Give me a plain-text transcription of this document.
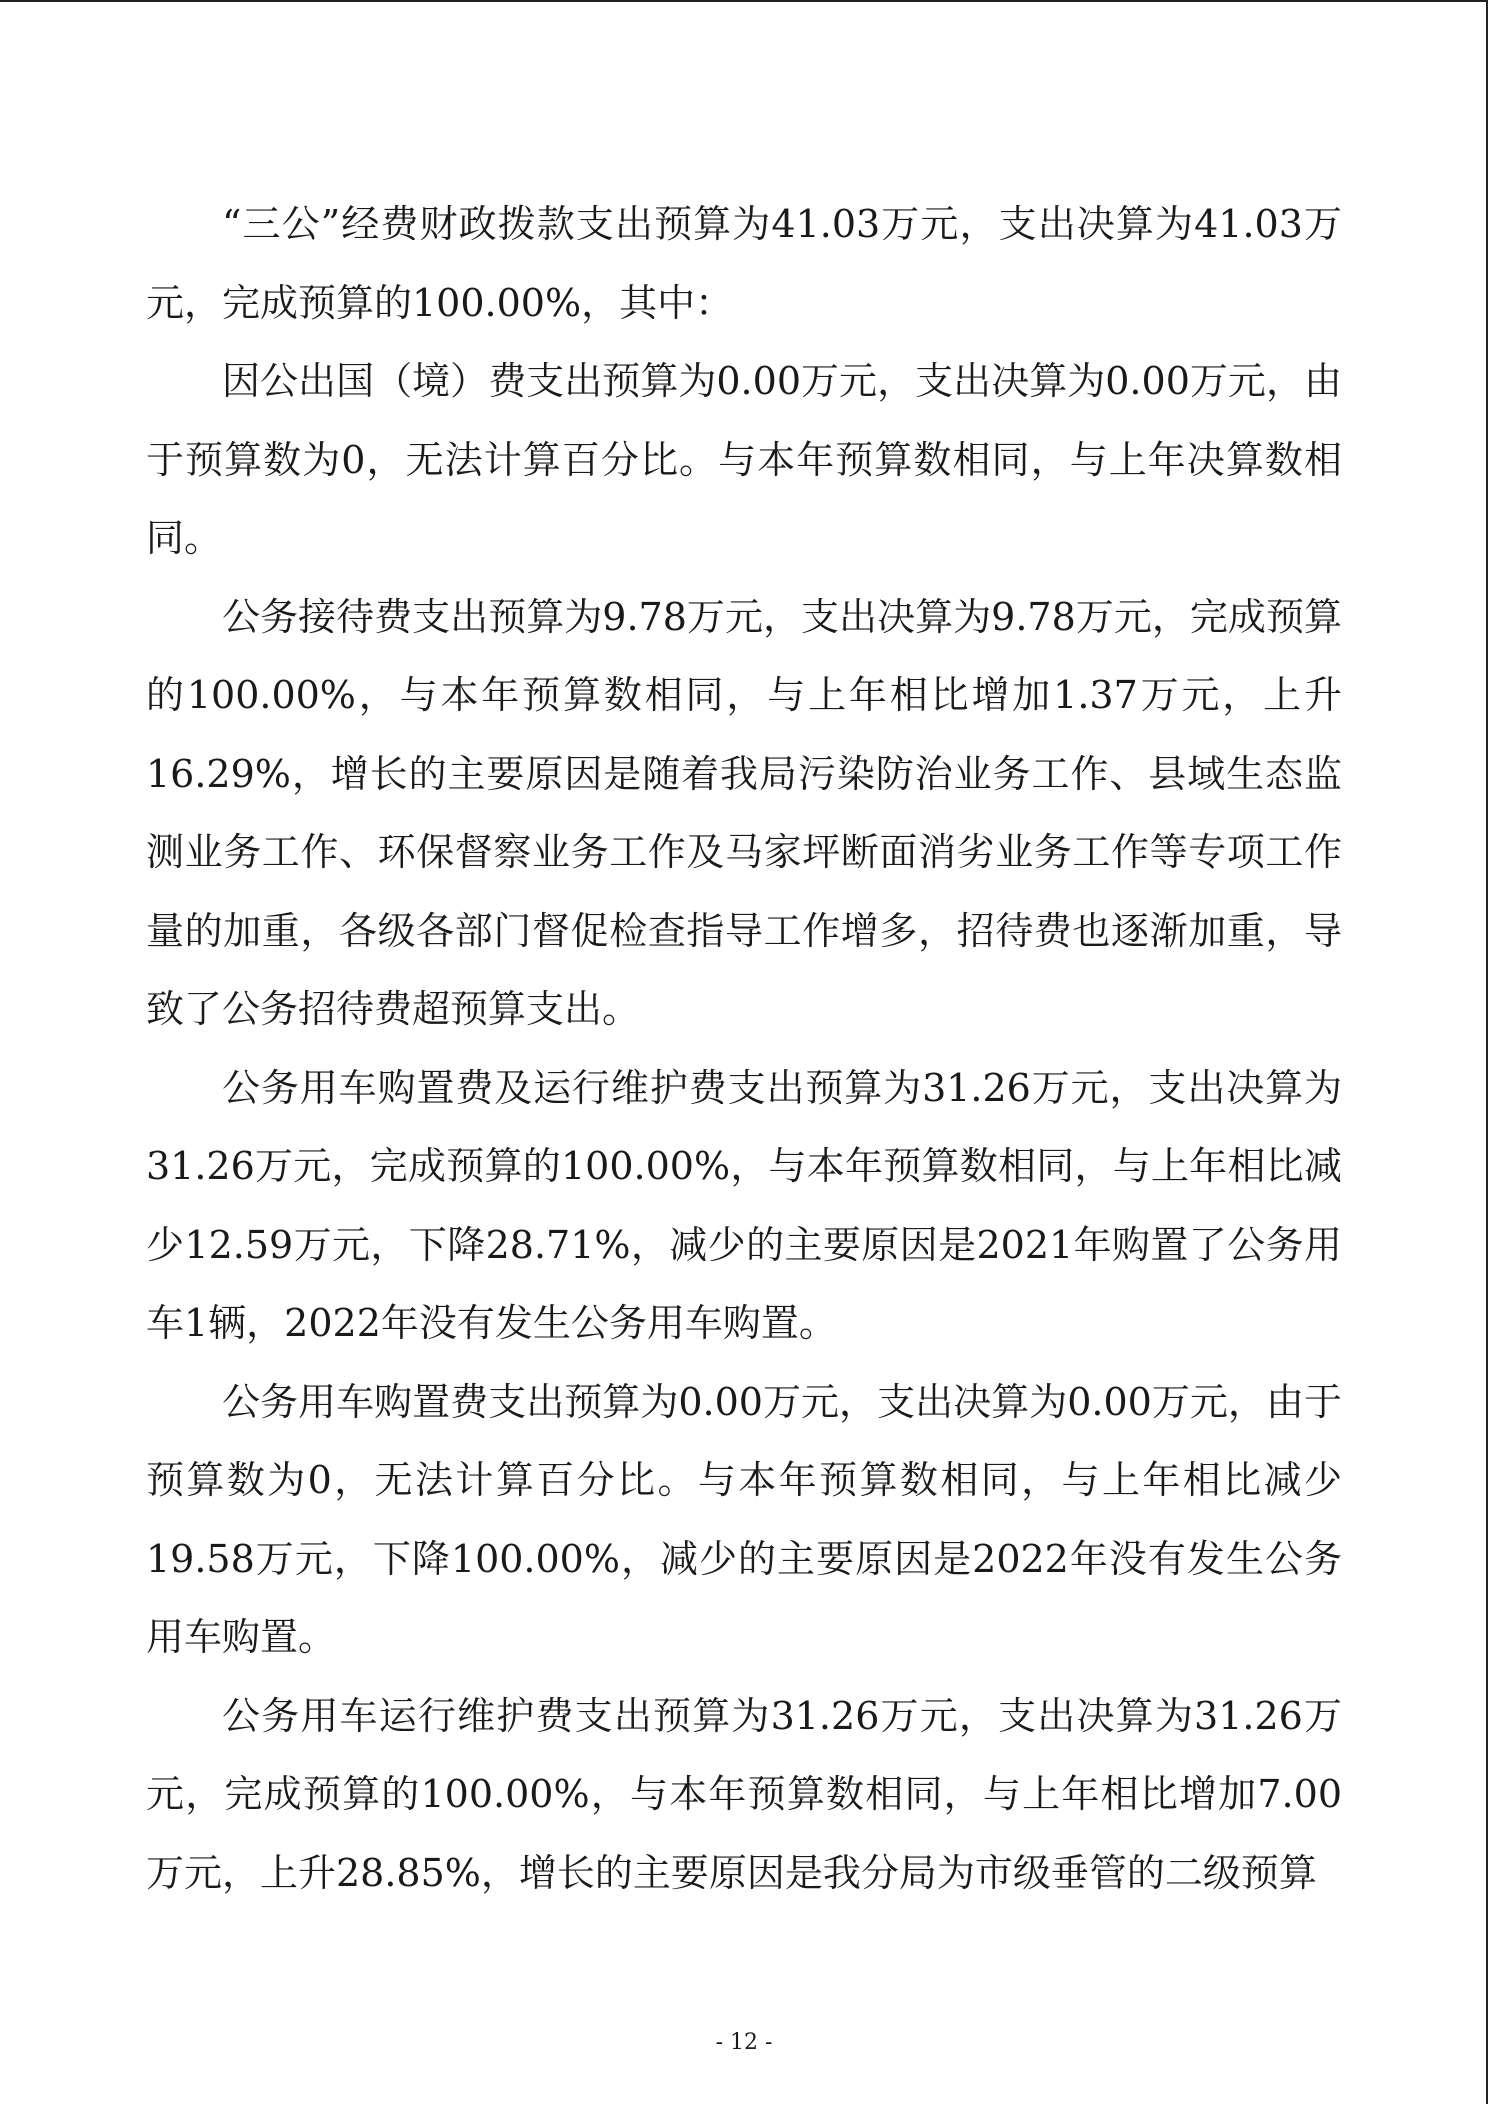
“三公”经费财政拨款支出预算为41.03万元，支出决算为41.03万元，完成预算的100.00%，其中：

因公出国（境）费支出预算为0.00万元，支出决算为0.00万元，由于预算数为0，无法计算百分比。与本年预算数相同，与上年决算数相同。

公务接待费支出预算为9.78万元，支出决算为9.78万元，完成预算的100.00%，与本年预算数相同，与上年相比增加1.37万元，上升16.29%，增长的主要原因是随着我局污染防治业务工作、县域生态监测业务工作、环保督察业务工作及马家坪断面消劣业务工作等专项工作量的加重，各级各部门督促检查指导工作增多，招待费也逐渐加重，导致了公务招待费超预算支出。

公务用车购置费及运行维护费支出预算为31.26万元，支出决算为31.26万元，完成预算的100.00%，与本年预算数相同，与上年相比减少12.59万元，下降28.71%，减少的主要原因是2021年购置了公务用车1辆，2022年没有发生公务用车购置。

公务用车购置费支出预算为0.00万元，支出决算为0.00万元，由于预算数为0，无法计算百分比。与本年预算数相同，与上年相比减少19.58万元，下降100.00%，减少的主要原因是2022年没有发生公务用车购置。

公务用车运行维护费支出预算为31.26万元，支出决算为31.26万元，完成预算的100.00%，与本年预算数相同，与上年相比增加7.00万元，上升28.85%，增长的主要原因是我分局为市级垂管的二级预算

- 12 -
